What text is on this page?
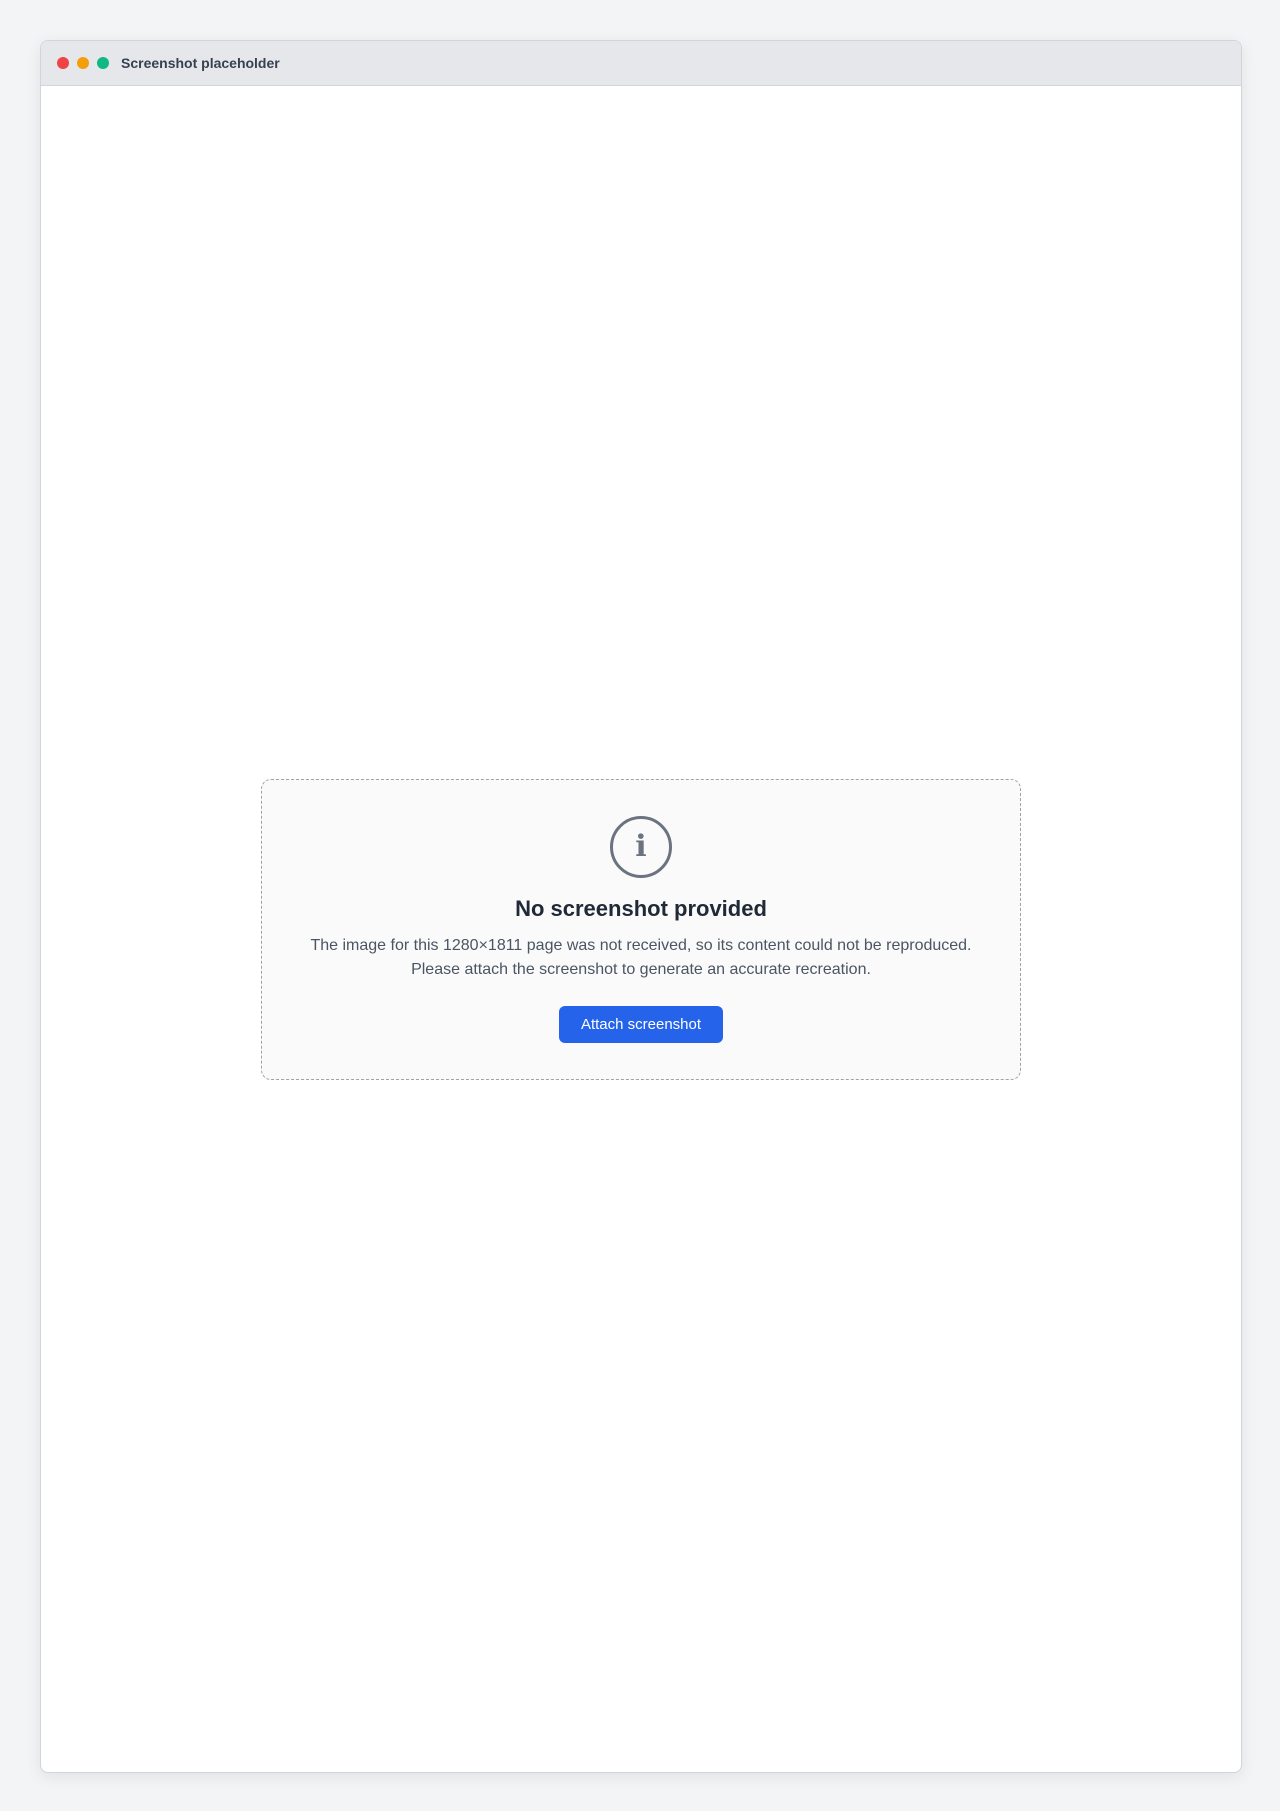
Screenshot placeholder
ℹ
No screenshot provided

The image for this 1280×1811 page was not received, so its content could not be reproduced. Please attach the screenshot to generate an accurate recreation.

Attach screenshot
